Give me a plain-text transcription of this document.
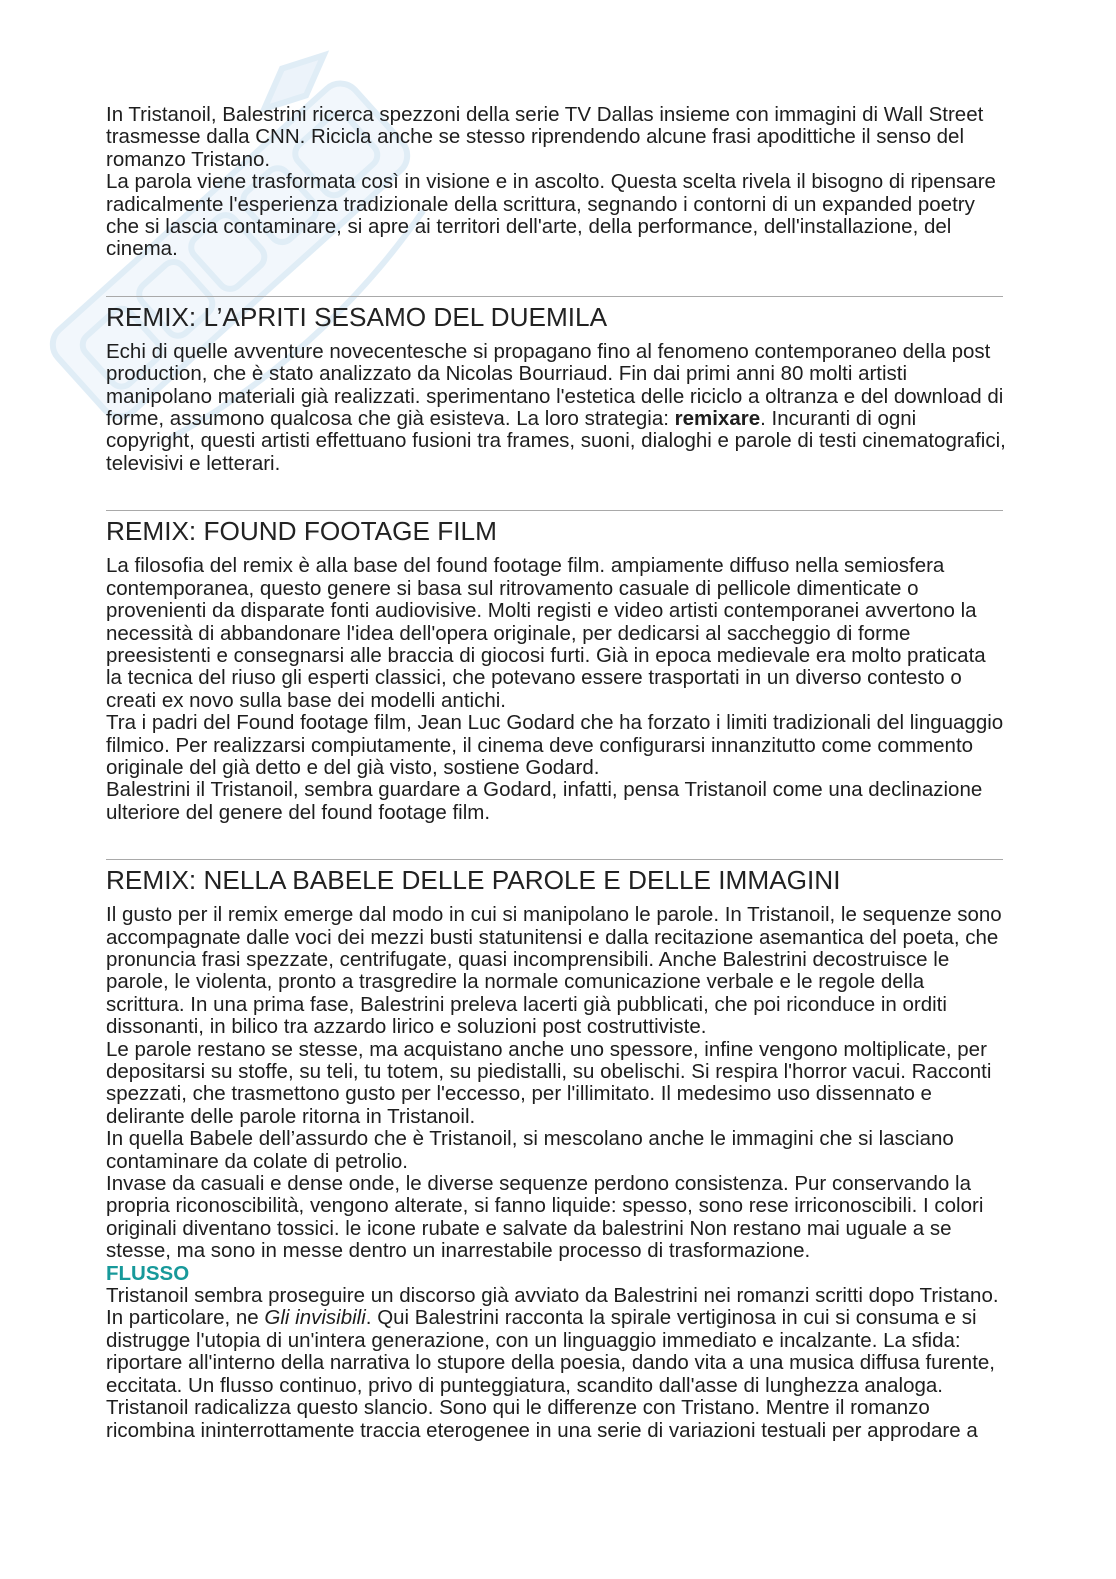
In Tristanoil, Balestrini ricerca spezzoni della serie TV Dallas insieme con immagini di Wall Street trasmesse dalla CNN. Ricicla anche se stesso riprendendo alcune frasi apodittiche il senso del romanzo Tristano.

La parola viene trasformata così in visione e in ascolto. Questa scelta rivela il bisogno di ripensare radicalmente l'esperienza tradizionale della scrittura, segnando i contorni di un expanded poetry che si lascia contaminare, si apre ai territori dell'arte, della performance, dell'installazione, del cinema.

REMIX: L’APRITI SESAMO DEL DUEMILA

Echi di quelle avventure novecentesche si propagano fino al fenomeno contemporaneo della post production, che è stato analizzato da Nicolas Bourriaud. Fin dai primi anni 80 molti artisti manipolano materiali già realizzati. sperimentano l'estetica delle riciclo a oltranza e del download di forme, assumono qualcosa che già esisteva. La loro strategia: remixare. Incuranti di ogni copyright, questi artisti effettuano fusioni tra frames, suoni, dialoghi e parole di testi cinematografici, televisivi e letterari.

REMIX: FOUND FOOTAGE FILM

La filosofia del remix è alla base del found footage film. ampiamente diffuso nella semiosfera contemporanea, questo genere si basa sul ritrovamento casuale di pellicole dimenticate o provenienti da disparate fonti audiovisive. Molti registi e video artisti contemporanei avvertono la necessità di abbandonare l'idea dell'opera originale, per dedicarsi al saccheggio di forme preesistenti e consegnarsi alle braccia di giocosi furti. Già in epoca medievale era molto praticata la tecnica del riuso gli esperti classici, che potevano essere trasportati in un diverso contesto o creati ex novo sulla base dei modelli antichi.

Tra i padri del Found footage film, Jean Luc Godard che ha forzato i limiti tradizionali del linguaggio filmico. Per realizzarsi compiutamente, il cinema deve configurarsi innanzitutto come commento originale del già detto e del già visto, sostiene Godard.

Balestrini il Tristanoil, sembra guardare a Godard, infatti, pensa Tristanoil come una declinazione ulteriore del genere del found footage film.

REMIX: NELLA BABELE DELLE PAROLE E DELLE IMMAGINI

Il gusto per il remix emerge dal modo in cui si manipolano le parole. In Tristanoil, le sequenze sono accompagnate dalle voci dei mezzi busti statunitensi e dalla recitazione asemantica del poeta, che pronuncia frasi spezzate, centrifugate, quasi incomprensibili. Anche Balestrini decostruisce le parole, le violenta, pronto a trasgredire la normale comunicazione verbale e le regole della scrittura. In una prima fase, Balestrini preleva lacerti già pubblicati, che poi riconduce in orditi dissonanti, in bilico tra azzardo lirico e soluzioni post costruttiviste.

Le parole restano se stesse, ma acquistano anche uno spessore, infine vengono moltiplicate, per depositarsi su stoffe, su teli, tu totem, su piedistalli, su obelischi. Si respira l'horror vacui. Racconti spezzati, che trasmettono gusto per l'eccesso, per l'illimitato. Il medesimo uso dissennato e delirante delle parole ritorna in Tristanoil.

In quella Babele dell’assurdo che è Tristanoil, si mescolano anche le immagini che si lasciano contaminare da colate di petrolio.

Invase da casuali e dense onde, le diverse sequenze perdono consistenza. Pur conservando la propria riconoscibilità, vengono alterate, si fanno liquide: spesso, sono rese irriconoscibili. I colori originali diventano tossici. le icone rubate e salvate da balestrini Non restano mai uguale a se stesse, ma sono in messe dentro un inarrestabile processo di trasformazione.

FLUSSO

Tristanoil sembra proseguire un discorso già avviato da Balestrini nei romanzi scritti dopo Tristano. In particolare, ne Gli invisibili. Qui Balestrini racconta la spirale vertiginosa in cui si consuma e si distrugge l'utopia di un'intera generazione, con un linguaggio immediato e incalzante. La sfida: riportare all'interno della narrativa lo stupore della poesia, dando vita a una musica diffusa furente, eccitata. Un flusso continuo, privo di punteggiatura, scandito dall'asse di lunghezza analoga. Tristanoil radicalizza questo slancio. Sono qui le differenze con Tristano. Mentre il romanzo ricombina ininterrottamente traccia eterogenee in una serie di variazioni testuali per approdare a
